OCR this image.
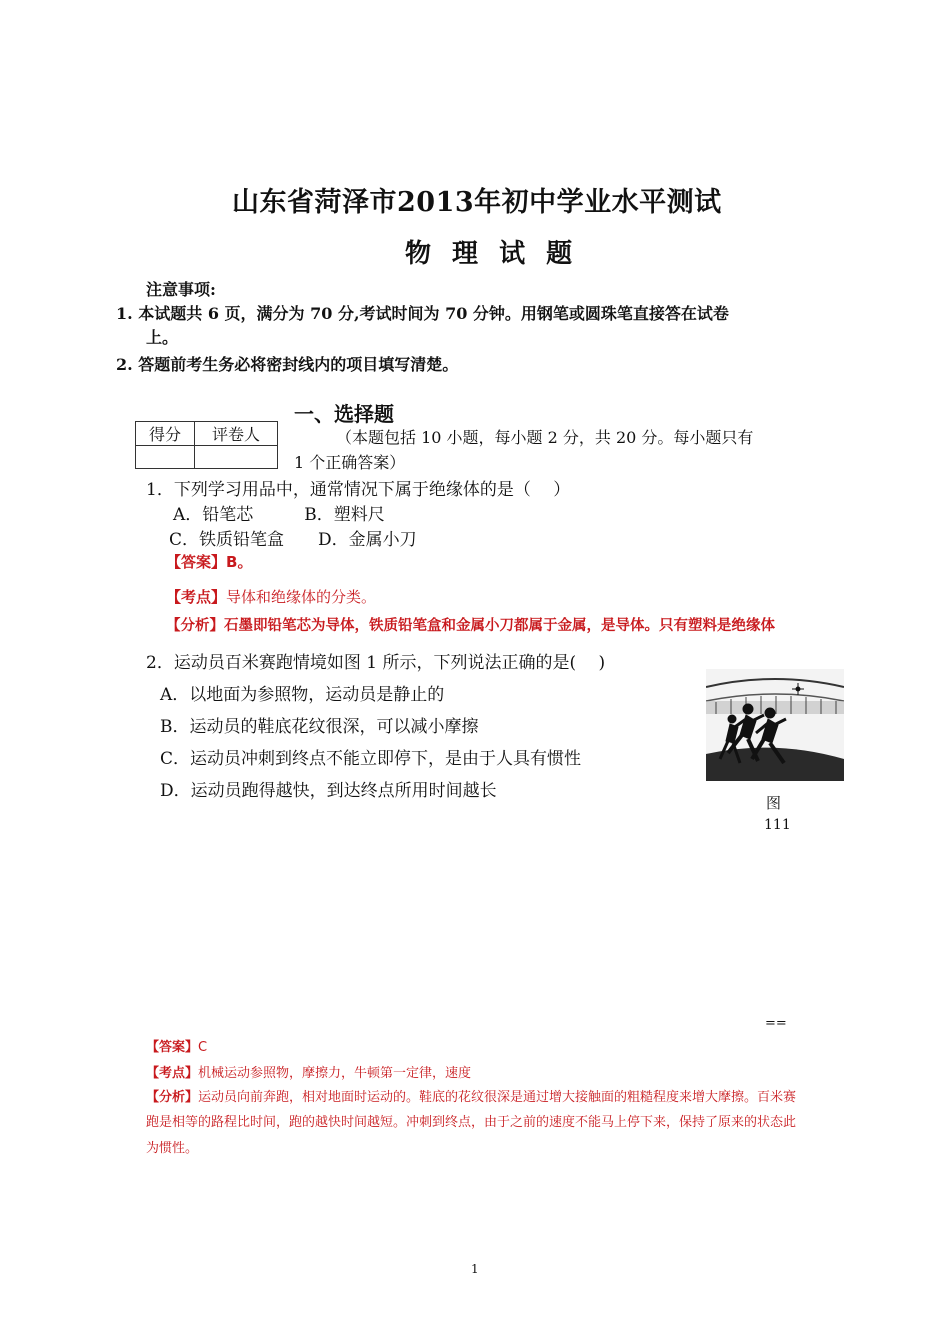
山东省菏泽市2013年初中学业水平测试
物 理 试 题
注意事项:
1. 本试题共 6 页，满分为 70 分,考试时间为 70 分钟。用钢笔或圆珠笔直接答在试卷
上。
2. 答题前考生务必将密封线内的项目填写清楚。
一、选择题
得分	评卷人
		（本题包括 10 小题，每小题 2 分，共 20 分。每小题只有
1 个正确答案）
1．下列学习用品中，通常情况下属于绝缘体的是（　 ）
A．铅笔芯　　　B．塑料尺
C．铁质铅笔盒　　D．金属小刀
【答案】B。
【考点】导体和绝缘体的分类。
【分析】石墨即铅笔芯为导体，铁质铅笔盒和金属小刀都属于金属，是导体。只有塑料是绝缘体
2．运动员百米赛跑情境如图 1 所示，下列说法正确的是(　 )
A．以地面为参照物，运动员是静止的
B．运动员的鞋底花纹很深，可以减小摩擦
C．运动员冲刺到终点不能立即停下，是由于人具有惯性
D．运动员跑得越快，到达终点所用时间越长
图
111
==
【答案】C
【考点】机械运动参照物，摩擦力，牛顿第一定律，速度
【分析】运动员向前奔跑，相对地面时运动的。鞋底的花纹很深是通过增大接触面的粗糙程度来增大摩擦。百米赛
跑是相等的路程比时间，跑的越快时间越短。冲刺到终点，由于之前的速度不能马上停下来，保持了原来的状态此
为惯性。
1
